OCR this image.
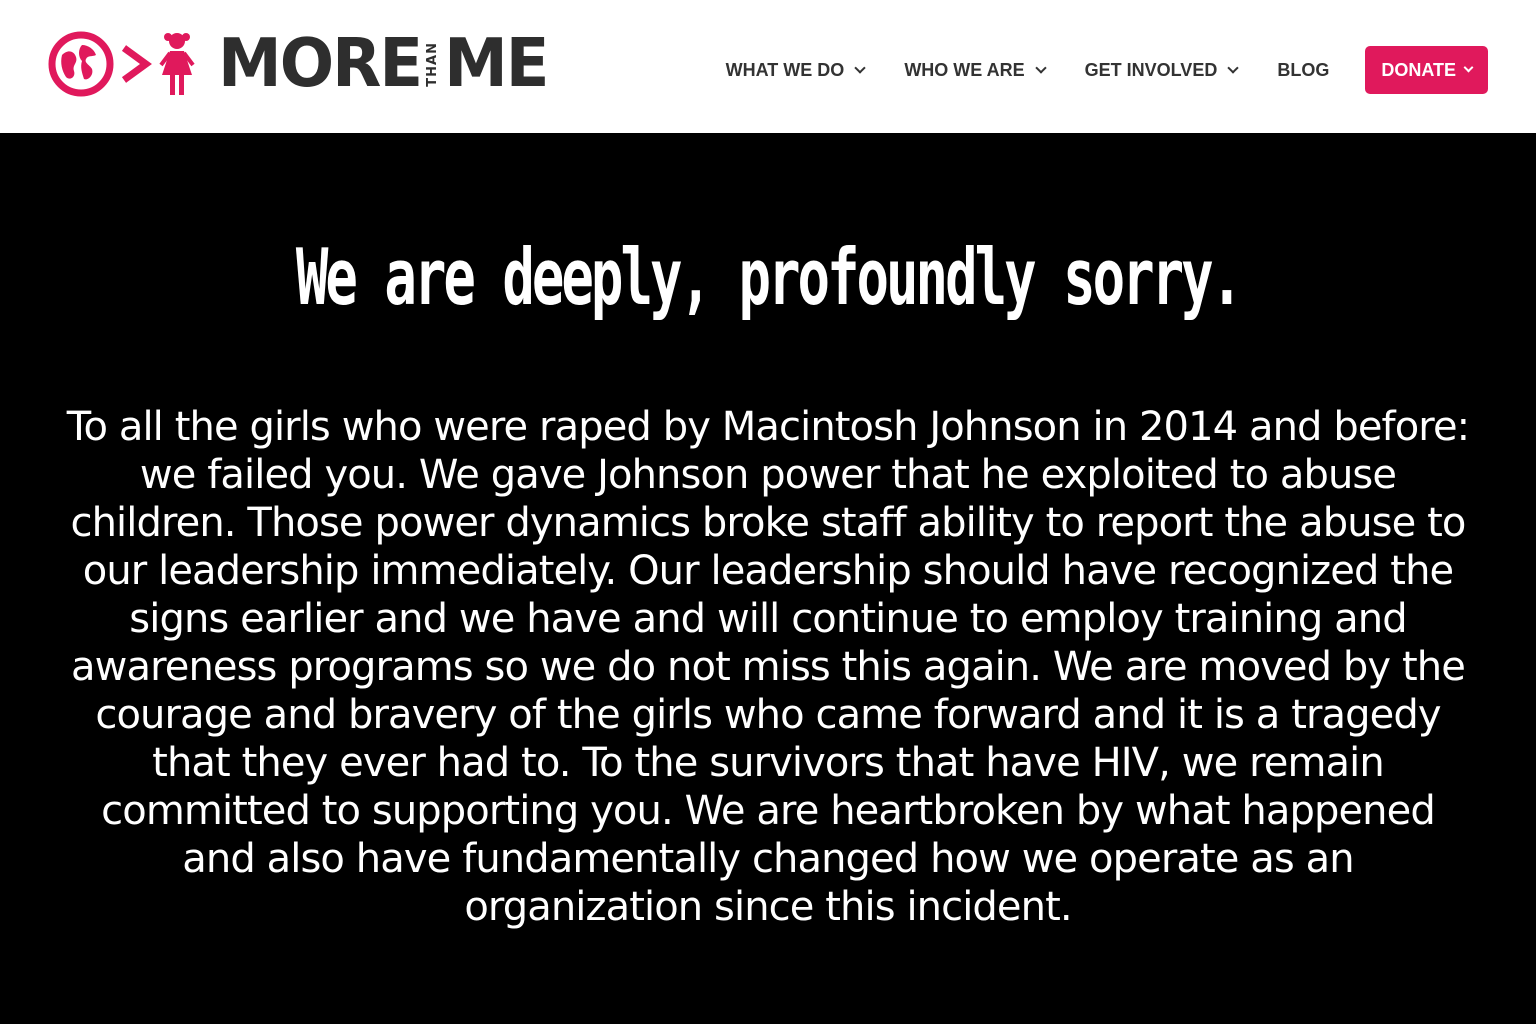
MORE THAN ME	WHAT WE DO	WHO WE ARE	GET INVOLVED	BLOG	DONATE
We are deeply, profoundly sorry.

To all the girls who were raped by Macintosh Johnson in 2014 and before: we failed you. We gave Johnson power that he exploited to abuse children. Those power dynamics broke staff ability to report the abuse to our leadership immediately. Our leadership should have recognized the signs earlier and we have and will continue to employ training and awareness programs so we do not miss this again. We are moved by the courage and bravery of the girls who came forward and it is a tragedy that they ever had to. To the survivors that have HIV, we remain committed to supporting you. We are heartbroken by what happened and also have fundamentally changed how we operate as an organization since this incident.
